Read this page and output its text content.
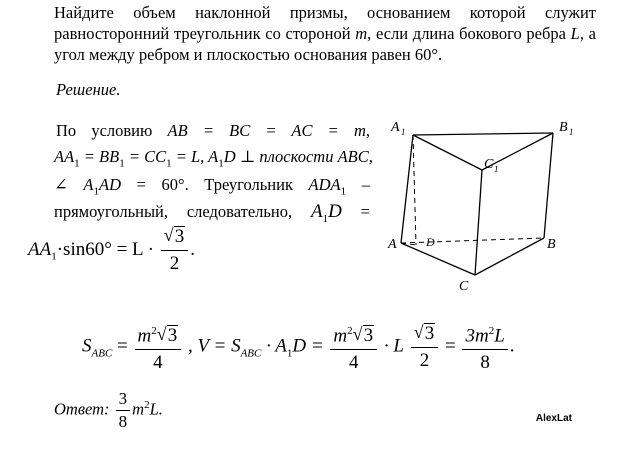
Найдите объем наклонной призмы, основанием которой служит
равносторонний треугольник со стороной m, если длина бокового ребра L, а
угол между ребром и плоскостью основания равен 60°.
Решение.
По условию AB = BC = AC = m,
$AA_1 = BB_1 = CC_1 = L$, $A_1D$ ⊥ плоскости ABC,
∠ $A_1AD = 60^\circ$. Треугольник $ADA_1$ –
прямоугольный, следовательно, $A_1D$ =
$AA_1\cdot\sin 60^\circ = L \cdot \frac{√ 3}{2}$ .
$S_{ABC} = \frac{m^2 √ 3}{4}$ , $V = S_{ABC} \cdot A_1D = \frac{m^2 √ 3}{4} \cdot L \frac{√ 3}{2} = \frac{3m^2L}{8}$ .
Ответ: $\frac{3}{8} m^2L$.
AlexLat
A 1	B 1
C 1
A D	B
C
